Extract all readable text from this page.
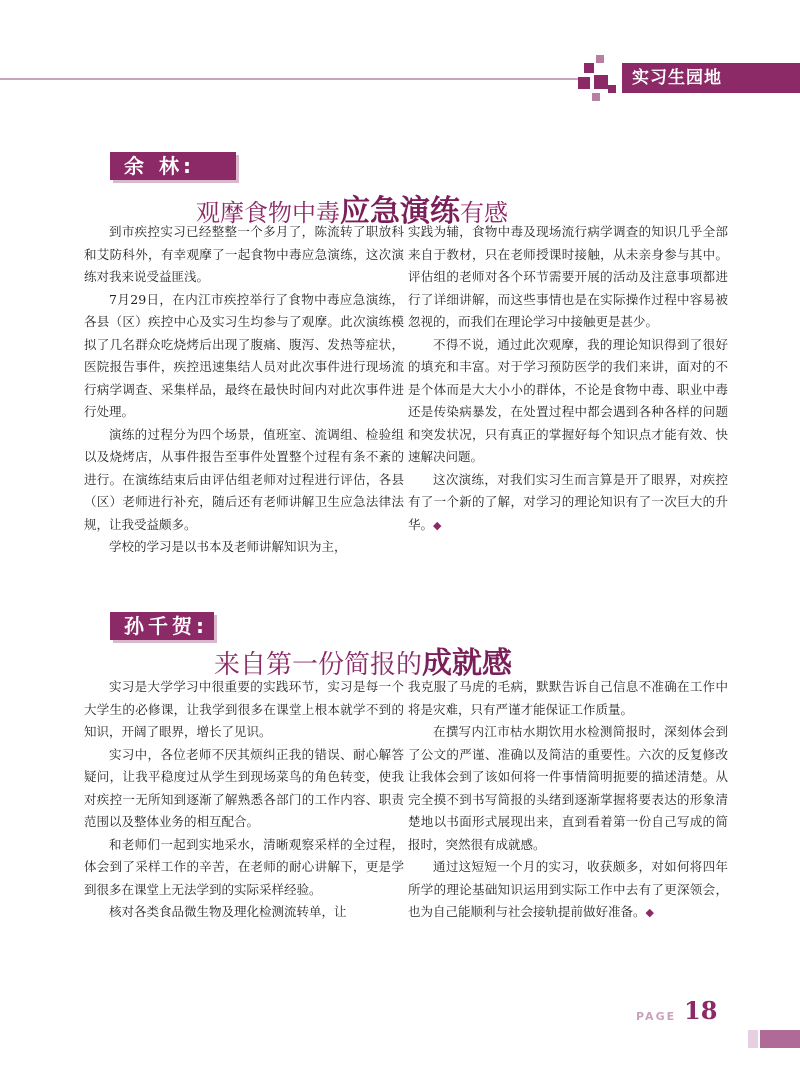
实习生园地
余 林:
观摩食物中毒应急演练有感

到市疾控实习已经整整一个多月了，陈流转了职放科和艾防科外，有幸观摩了一起食物中毒应急演练，这次演练对我来说受益匪浅。

7月29日，在内江市疾控举行了食物中毒应急演练，各县（区）疾控中心及实习生均参与了观摩。此次演练模拟了几名群众吃烧烤后出现了腹痛、腹泻、发热等症状，医院报告事件，疾控迅速集结人员对此次事件进行现场流行病学调查、采集样品，最终在最快时间内对此次事件进行处理。

演练的过程分为四个场景，值班室、流调组、检验组以及烧烤店，从事件报告至事件处置整个过程有条不紊的进行。在演练结束后由评估组老师对过程进行评估，各县（区）老师进行补充，随后还有老师讲解卫生应急法律法规，让我受益颇多。

学校的学习是以书本及老师讲解知识为主，

实践为辅，食物中毒及现场流行病学调查的知识几乎全部来自于教材，只在老师授课时接触，从未亲身参与其中。评估组的老师对各个环节需要开展的活动及注意事项都进行了详细讲解，而这些事情也是在实际操作过程中容易被忽视的，而我们在理论学习中接触更是甚少。

不得不说，通过此次观摩，我的理论知识得到了很好的填充和丰富。对于学习预防医学的我们来讲，面对的不是个体而是大大小小的群体，不论是食物中毒、职业中毒还是传染病暴发，在处置过程中都会遇到各种各样的问题和突发状况，只有真正的掌握好每个知识点才能有效、快速解决问题。

这次演练，对我们实习生而言算是开了眼界，对疾控有了一个新的了解，对学习的理论知识有了一次巨大的升华。◆

孙千贺:
来自第一份简报的成就感

实习是大学学习中很重要的实践环节，实习是每一个大学生的必修课，让我学到很多在课堂上根本就学不到的知识，开阔了眼界，增长了见识。

实习中，各位老师不厌其烦纠正我的错误、耐心解答疑问，让我平稳度过从学生到现场菜鸟的角色转变，使我对疾控一无所知到逐渐了解熟悉各部门的工作内容、职责范围以及整体业务的相互配合。

和老师们一起到实地采水，清晰观察采样的全过程，体会到了采样工作的辛苦，在老师的耐心讲解下，更是学到很多在课堂上无法学到的实际采样经验。

核对各类食品微生物及理化检测流转单，让

我克服了马虎的毛病，默默告诉自己信息不准确在工作中将是灾难，只有严谨才能保证工作质量。

在撰写内江市枯水期饮用水检测简报时，深刻体会到了公文的严谨、准确以及简洁的重要性。六次的反复修改让我体会到了该如何将一件事情简明扼要的描述清楚。从完全摸不到书写简报的头绪到逐渐掌握将要表达的形象清楚地以书面形式展现出来，直到看着第一份自己写成的简报时，突然很有成就感。

通过这短短一个月的实习，收获颇多，对如何将四年所学的理论基础知识运用到实际工作中去有了更深领会，也为自己能顺利与社会接轨提前做好准备。◆

PAGE 18
